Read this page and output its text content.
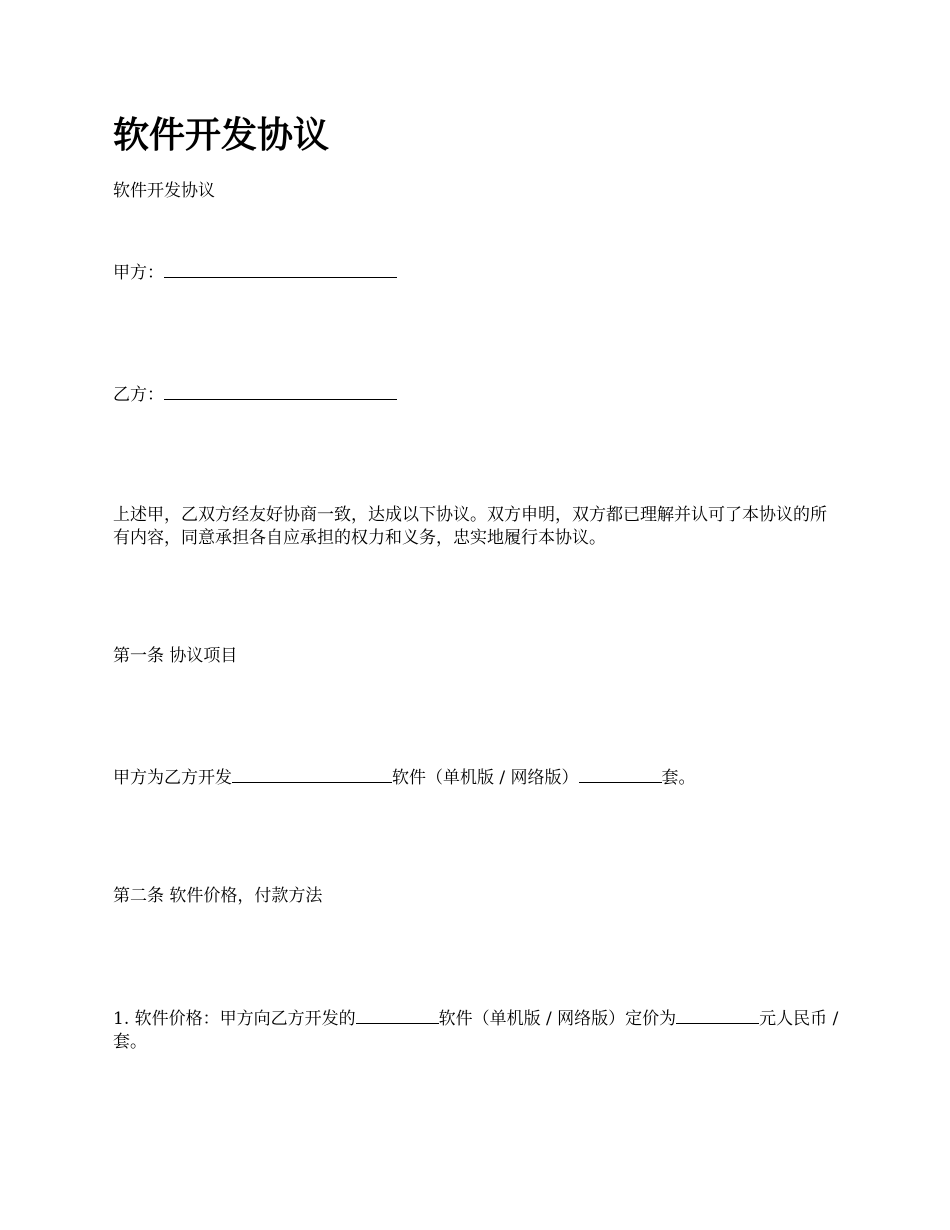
软件开发协议

软件开发协议

甲方：

乙方：

上述甲，乙双方经友好协商一致，达成以下协议。双方申明，双方都已理解并认可了本协议的所有内容，同意承担各自应承担的权力和义务，忠实地履行本协议。

第一条 协议项目

甲方为乙方开发	软件（单机版 / 网络版）	套。

第二条 软件价格，付款方法

1. 软件价格：甲方向乙方开发的	软件（单机版 / 网络版）定价为	元人民币 / 套。
